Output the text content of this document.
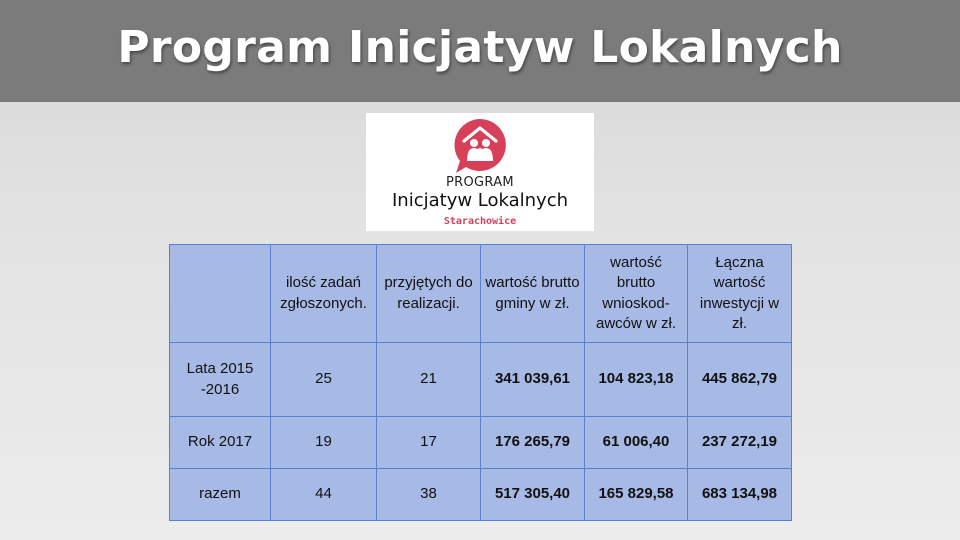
Program Inicjatyw Lokalnych
PROGRAM
Inicjatyw Lokalnych
Starachowice
	ilość zadań zgłoszonych.	przyjętych do realizacji.	wartość brutto gminy w zł.	wartość brutto wnioskod-awców w zł.	Łączna wartość inwestycji w zł.
Lata 2015 -2016	25	21	341 039,61	104 823,18	445 862,79
Rok 2017	19	17	176 265,79	61 006,40	237 272,19
razem	44	38	517 305,40	165 829,58	683 134,98
